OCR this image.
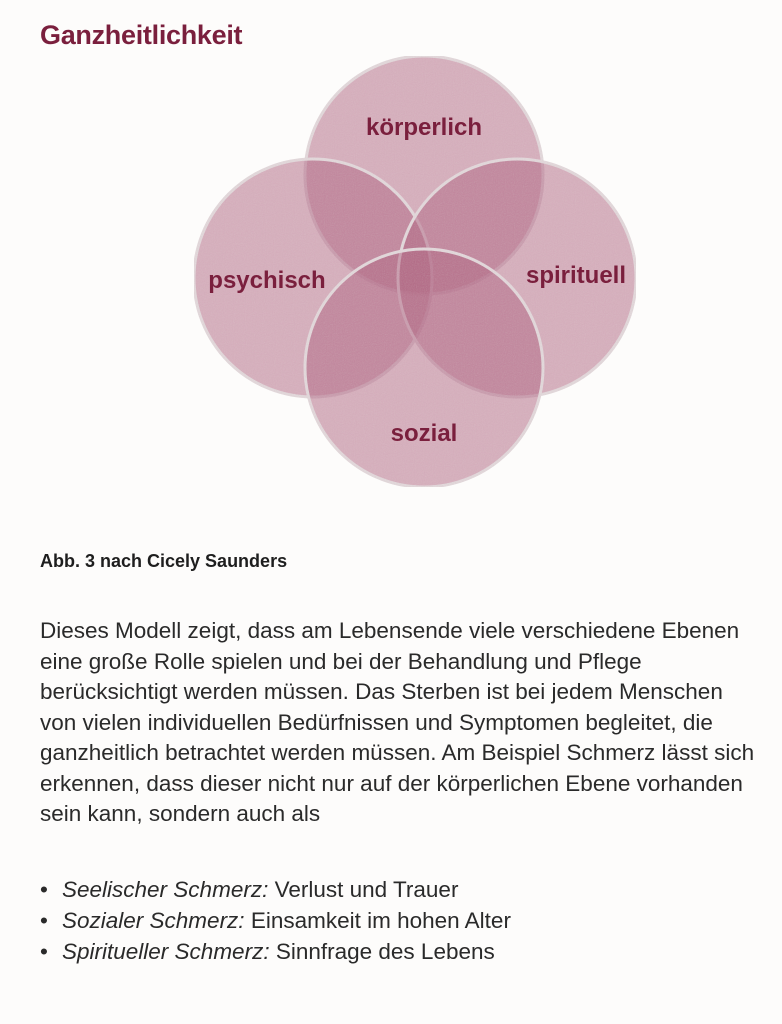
Ganzheitlichkeit
körperlich
psychisch	spirituell
sozial

Abb. 3 nach Cicely Saunders

Dieses Modell zeigt, dass am Lebensende viele verschiedene Ebenen eine große Rolle spielen und bei der Behandlung und Pflege berücksichtigt werden müssen. Das Sterben ist bei jedem Menschen von vielen individuellen Bedürfnissen und Symptomen begleitet, die ganzheitlich betrachtet werden müssen. Am Beispiel Schmerz lässt sich erkennen, dass dieser nicht nur auf der körperlichen Ebene vorhanden sein kann, sondern auch als

• Seelischer Schmerz: Verlust und Trauer
• Sozialer Schmerz: Einsamkeit im hohen Alter
• Spiritueller Schmerz: Sinnfrage des Lebens
